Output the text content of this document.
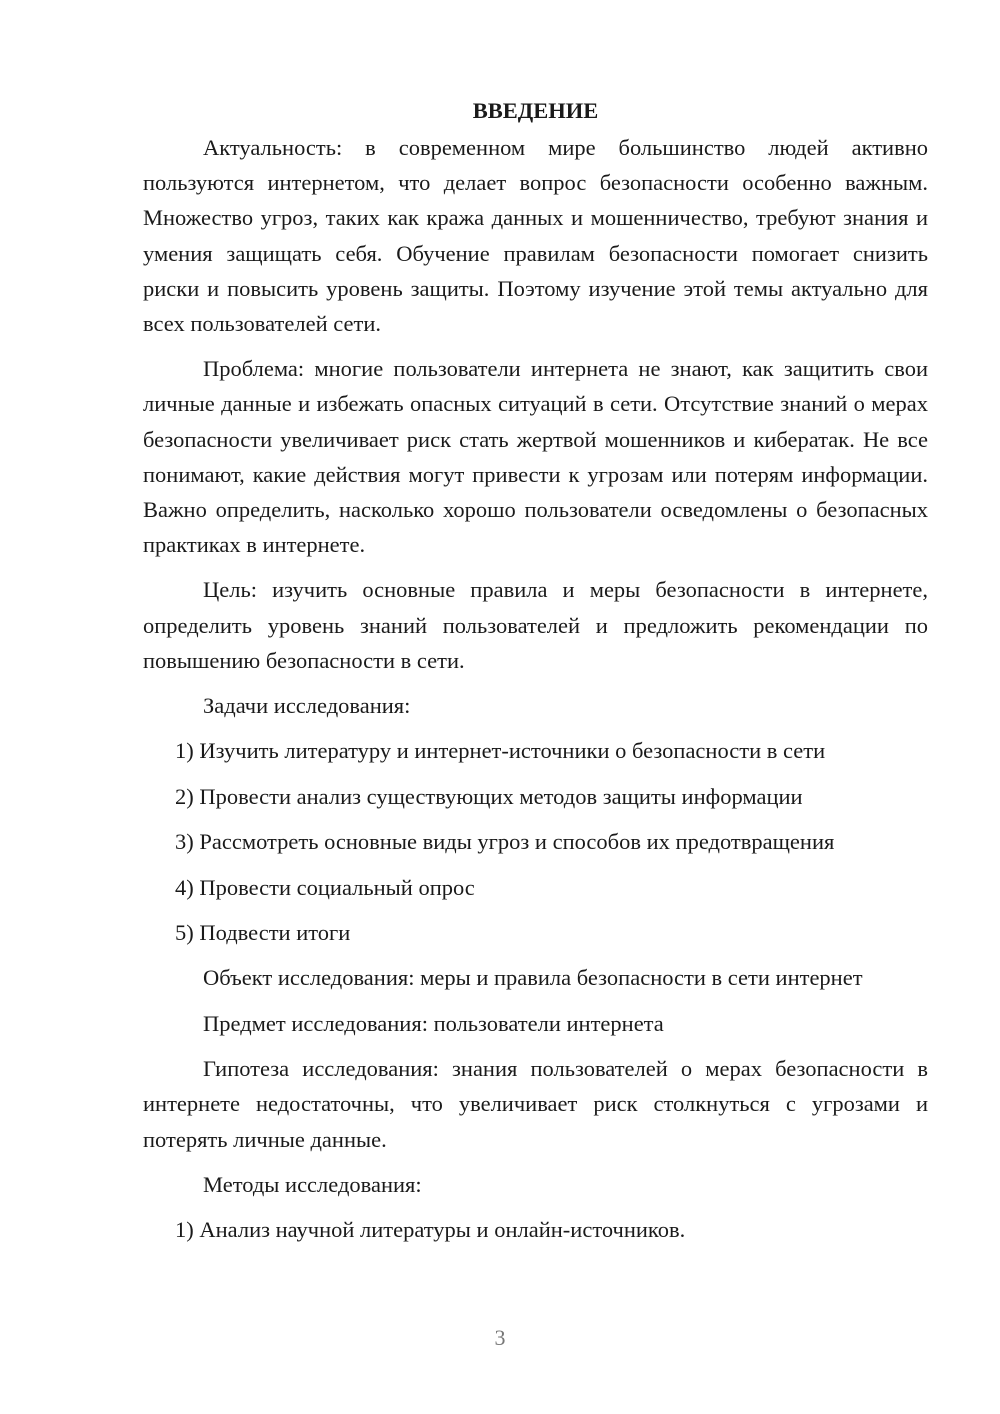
ВВЕДЕНИЕ

Актуальность: в современном мире большинство людей активно пользуются интернетом, что делает вопрос безопасности особенно важным. Множество угроз, таких как кража данных и мошенничество, требуют знания и умения защищать себя. Обучение правилам безопасности помогает снизить риски и повысить уровень защиты. Поэтому изучение этой темы актуально для всех пользователей сети.

Проблема: многие пользователи интернета не знают, как защитить свои личные данные и избежать опасных ситуаций в сети. Отсутствие знаний о мерах безопасности увеличивает риск стать жертвой мошенников и кибератак. Не все понимают, какие действия могут привести к угрозам или потерям информации. Важно определить, насколько хорошо пользователи осведомлены о безопасных практиках в интернете.

Цель: изучить основные правила и меры безопасности в интернете, определить уровень знаний пользователей и предложить рекомендации по повышению безопасности в сети.

Задачи исследования:

1) Изучить литературу и интернет-источники о безопасности в сети

2) Провести анализ существующих методов защиты информации

3) Рассмотреть основные виды угроз и способов их предотвращения

4) Провести социальный опрос

5) Подвести итоги

Объект исследования: меры и правила безопасности в сети интернет

Предмет исследования: пользователи интернета

Гипотеза исследования: знания пользователей о мерах безопасности в интернете недостаточны, что увеличивает риск столкнуться с угрозами и потерять личные данные.

Методы исследования:

1) Анализ научной литературы и онлайн-источников.

3
